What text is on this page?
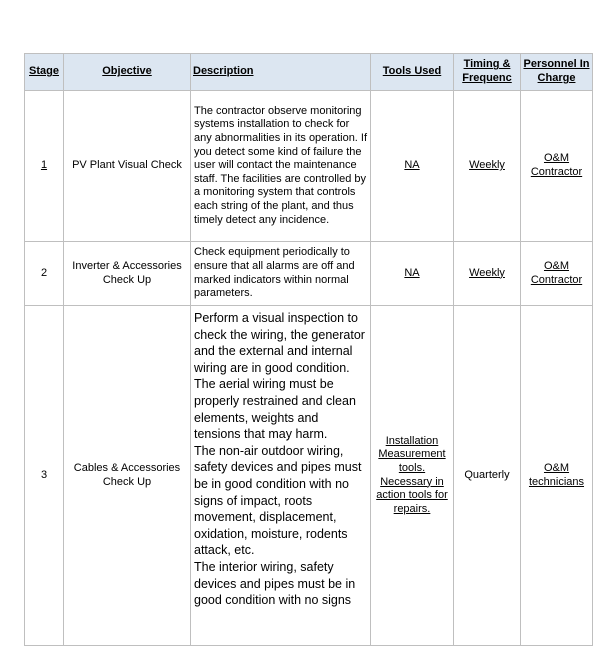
Stage	Objective	Description	Tools Used	Timing & Frequenc	Personnel In Charge
1	PV Plant Visual Check	The contractor observe monitoring systems installation to check for any abnormalities in its operation. If you detect some kind of failure the user will contact the maintenance staff. The facilities are controlled by a monitoring system that controls each string of the plant, and thus timely detect any incidence.	NA	Weekly	O&M Contractor
2	Inverter & Accessories Check Up	Check equipment periodically to ensure that all alarms are off and marked indicators within normal parameters.	NA	Weekly	O&M Contractor
3	Cables & Accessories Check Up	Perform a visual inspection to check the wiring, the generator and the external and internal wiring are in good condition.
The aerial wiring must be properly restrained and clean elements, weights and tensions that may harm.
The non-air outdoor wiring, safety devices and pipes must be in good condition with no signs of impact, roots movement, displacement, oxidation, moisture, rodents attack, etc.
The interior wiring, safety devices and pipes must be in good condition with no signs	Installation Measurement tools. Necessary in action tools for repairs.	Quarterly	O&M technicians
